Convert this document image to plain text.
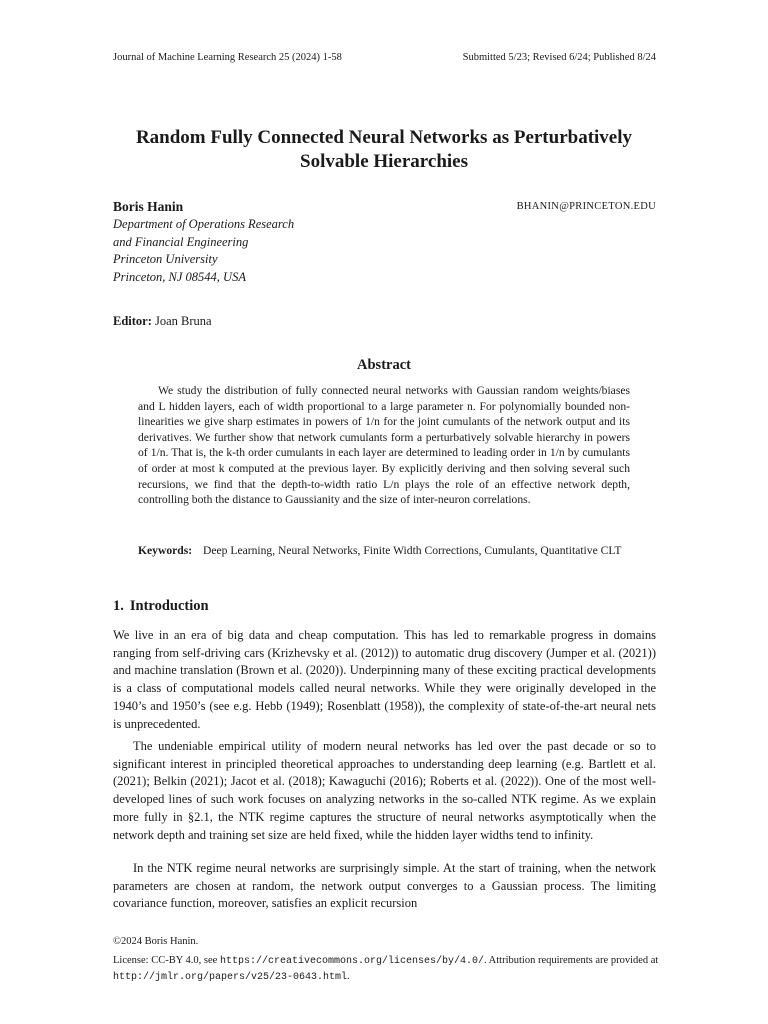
Journal of Machine Learning Research 25 (2024) 1-58	Submitted 5/23; Revised 6/24; Published 8/24
Random Fully Connected Neural Networks as Perturbatively
Solvable Hierarchies
Boris Hanin	BHANIN@PRINCETON.EDU
Department of Operations Research
and Financial Engineering
Princeton University
Princeton, NJ 08544, USA
Editor: Joan Bruna
Abstract
We study the distribution of fully connected neural networks with Gaussian random weights/biases and L hidden layers, each of width proportional to a large parameter n. For polynomially bounded non-linearities we give sharp estimates in powers of 1/n for the joint cumulants of the network output and its derivatives. We further show that network cumulants form a perturbatively solvable hierarchy in powers of 1/n. That is, the k-th order cumulants in each layer are determined to leading order in 1/n by cumulants of order at most k computed at the previous layer. By explicitly deriving and then solving several such recursions, we find that the depth-to-width ratio L/n plays the role of an effective network depth, controlling both the distance to Gaussianity and the size of inter-neuron correlations.
Keywords: Deep Learning, Neural Networks, Finite Width Corrections, Cumulants, Quantitative CLT
1. Introduction
We live in an era of big data and cheap computation. This has led to remarkable progress in domains ranging from self-driving cars (Krizhevsky et al. (2012)) to automatic drug discovery (Jumper et al. (2021)) and machine translation (Brown et al. (2020)). Underpinning many of these exciting practical developments is a class of computational models called neural networks. While they were originally developed in the 1940’s and 1950’s (see e.g. Hebb (1949); Rosenblatt (1958)), the complexity of state-of-the-art neural nets is unprecedented.
The undeniable empirical utility of modern neural networks has led over the past decade or so to significant interest in principled theoretical approaches to understanding deep learning (e.g. Bartlett et al. (2021); Belkin (2021); Jacot et al. (2018); Kawaguchi (2016); Roberts et al. (2022)). One of the most well-developed lines of such work focuses on analyzing networks in the so-called NTK regime. As we explain more fully in §2.1, the NTK regime captures the structure of neural networks asymptotically when the network depth and training set size are held fixed, while the hidden layer widths tend to infinity.
In the NTK regime neural networks are surprisingly simple. At the start of training, when the network parameters are chosen at random, the network output converges to a Gaussian process. The limiting covariance function, moreover, satisfies an explicit recursion
©2024 Boris Hanin.
License: CC-BY 4.0, see https://creativecommons.org/licenses/by/4.0/. Attribution requirements are provided at http://jmlr.org/papers/v25/23-0643.html.
